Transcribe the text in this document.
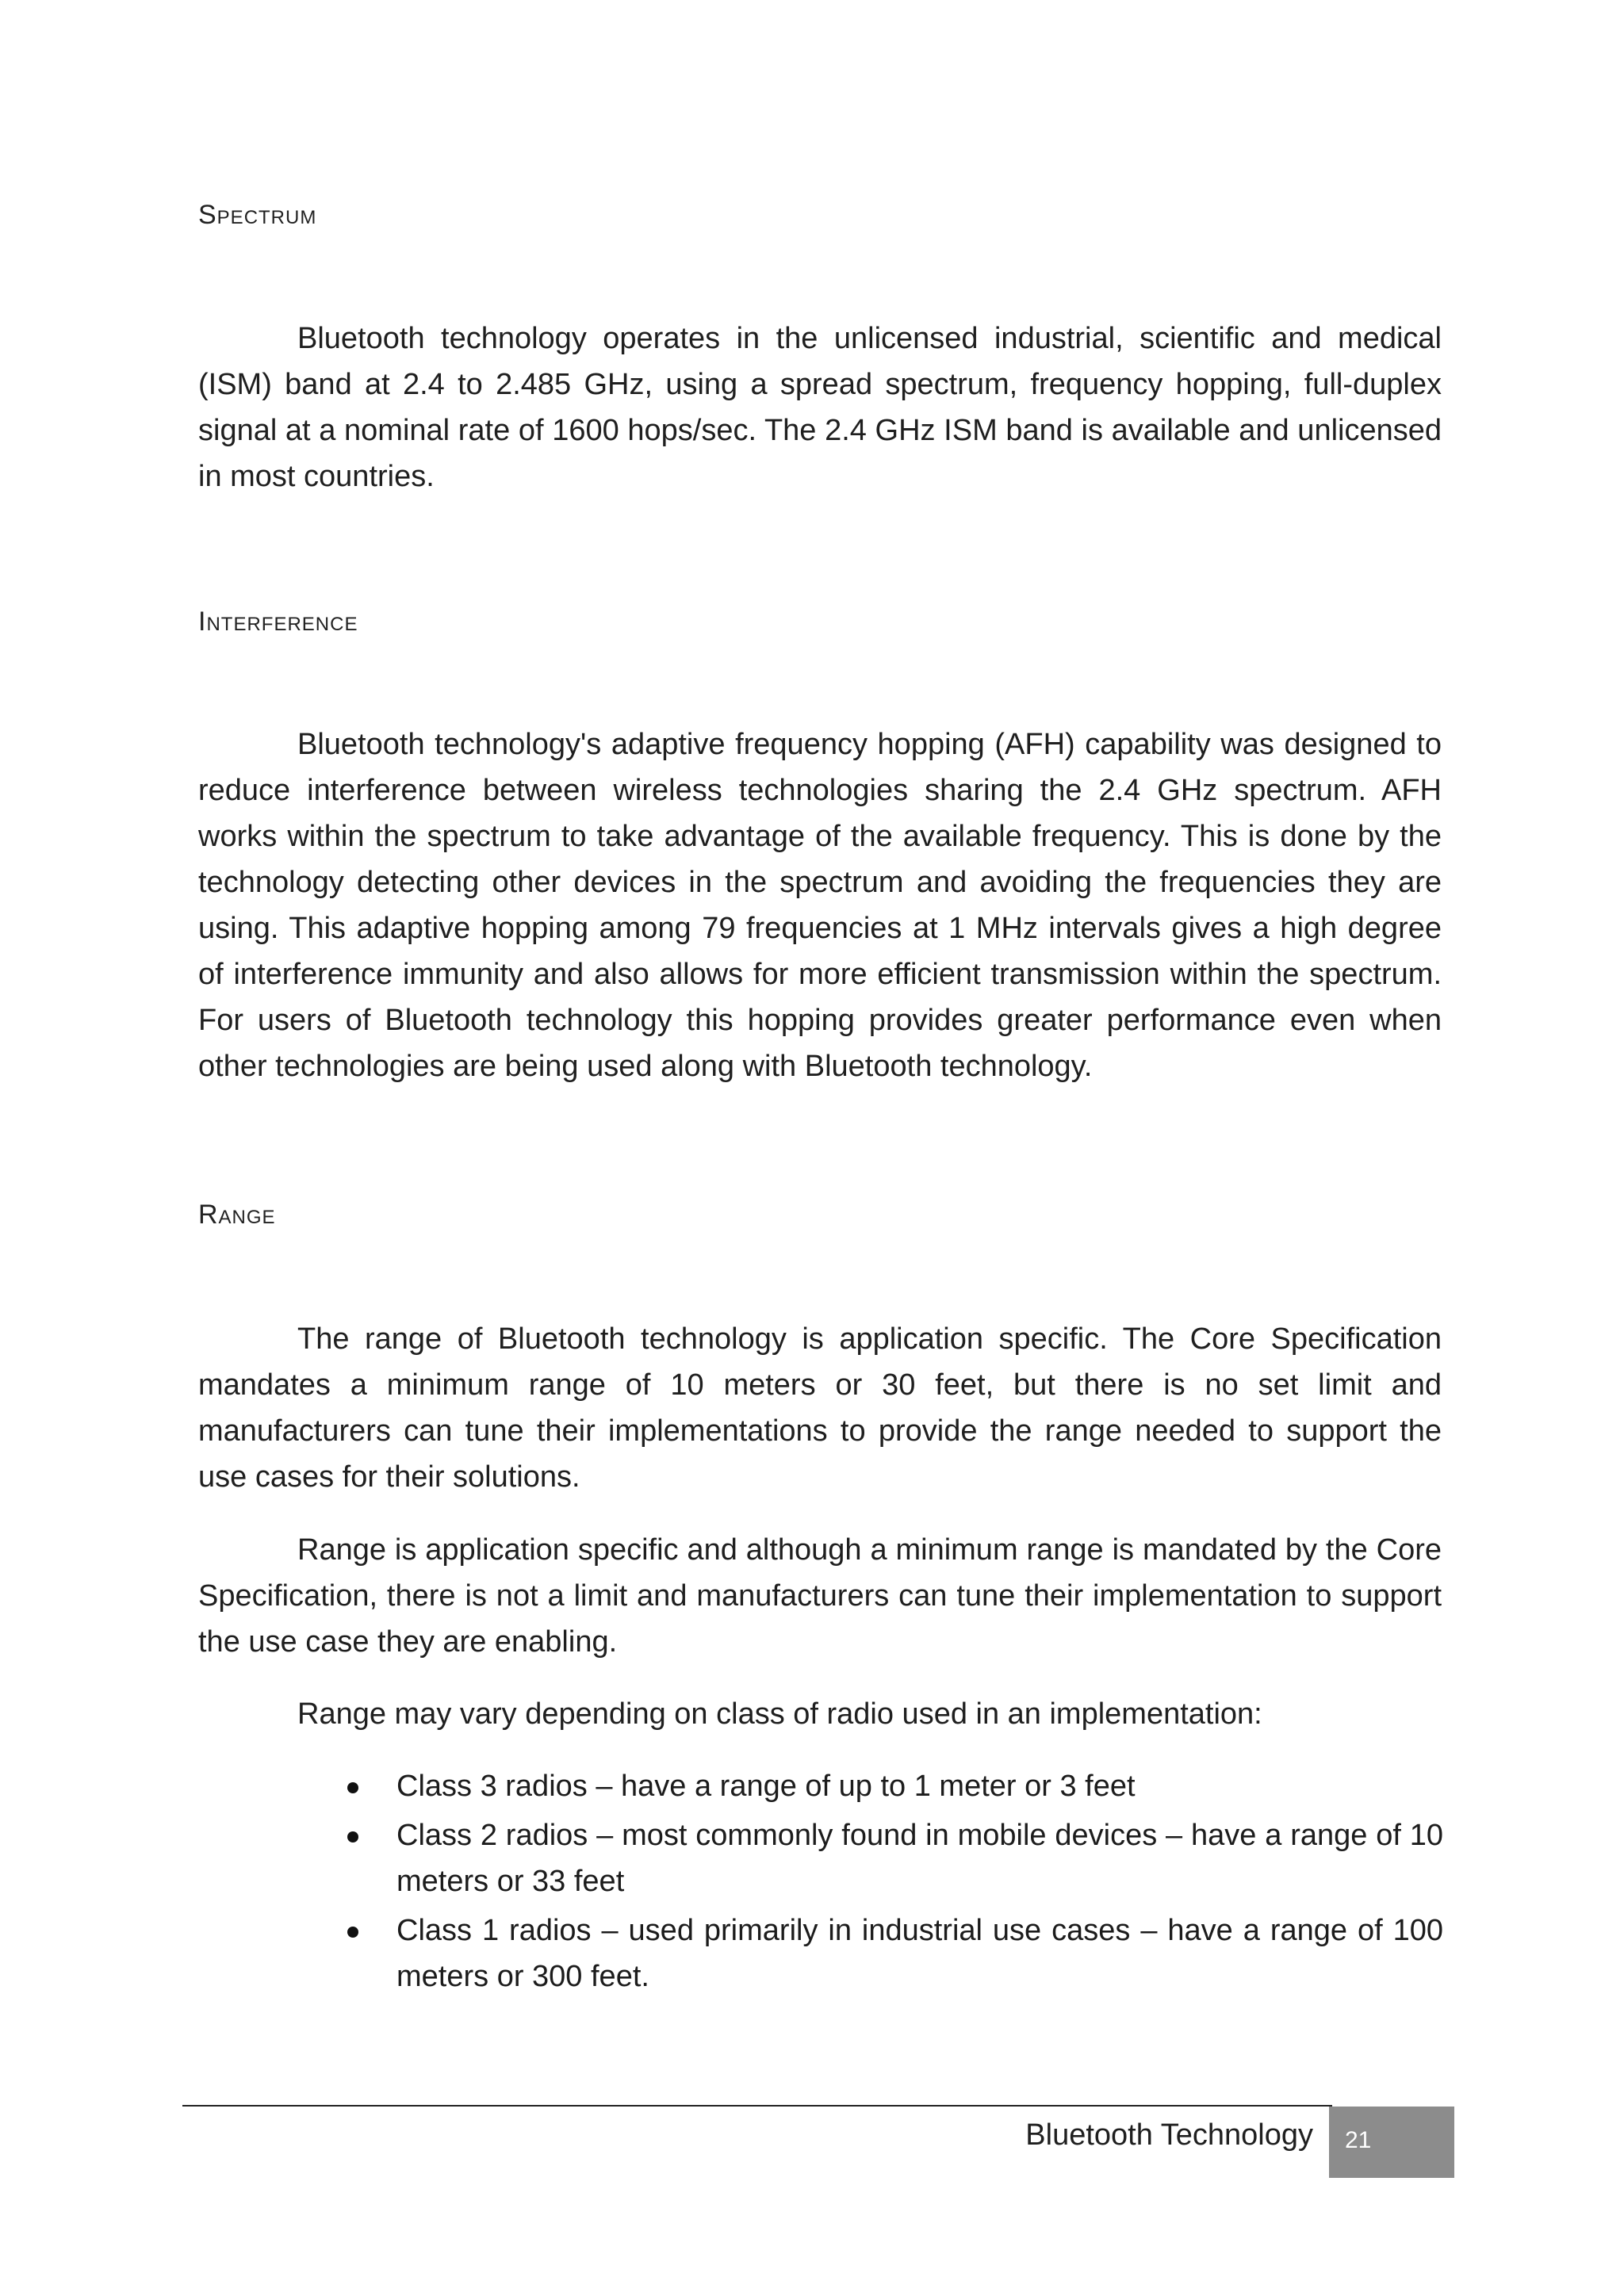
Spectrum

Bluetooth technology operates in the unlicensed industrial, scientific and medical (ISM) band at 2.4 to 2.485 GHz, using a spread spectrum, frequency hopping, full-duplex signal at a nominal rate of 1600 hops/sec. The 2.4 GHz ISM band is available and unlicensed in most countries.

Interference

Bluetooth technology's adaptive frequency hopping (AFH) capability was designed to reduce interference between wireless technologies sharing the 2.4 GHz spectrum. AFH works within the spectrum to take advantage of the available frequency. This is done by the technology detecting other devices in the spectrum and avoiding the frequencies they are using. This adaptive hopping among 79 frequencies at 1 MHz intervals gives a high degree of interference immunity and also allows for more efficient transmission within the spectrum. For users of Bluetooth technology this hopping provides greater performance even when other technologies are being used along with Bluetooth technology.

Range

The range of Bluetooth technology is application specific. The Core Specification mandates a minimum range of 10 meters or 30 feet, but there is no set limit and manufacturers can tune their implementations to provide the range needed to support the use cases for their solutions.

Range is application specific and although a minimum range is mandated by the Core Specification, there is not a limit and manufacturers can tune their implementation to support the use case they are enabling.

Range may vary depending on class of radio used in an implementation:

Class 3 radios – have a range of up to 1 meter or 3 feet
Class 2 radios – most commonly found in mobile devices – have a range of 10 meters or 33 feet
Class 1 radios – used primarily in industrial use cases – have a range of 100 meters or 300 feet.

Bluetooth Technology 21
